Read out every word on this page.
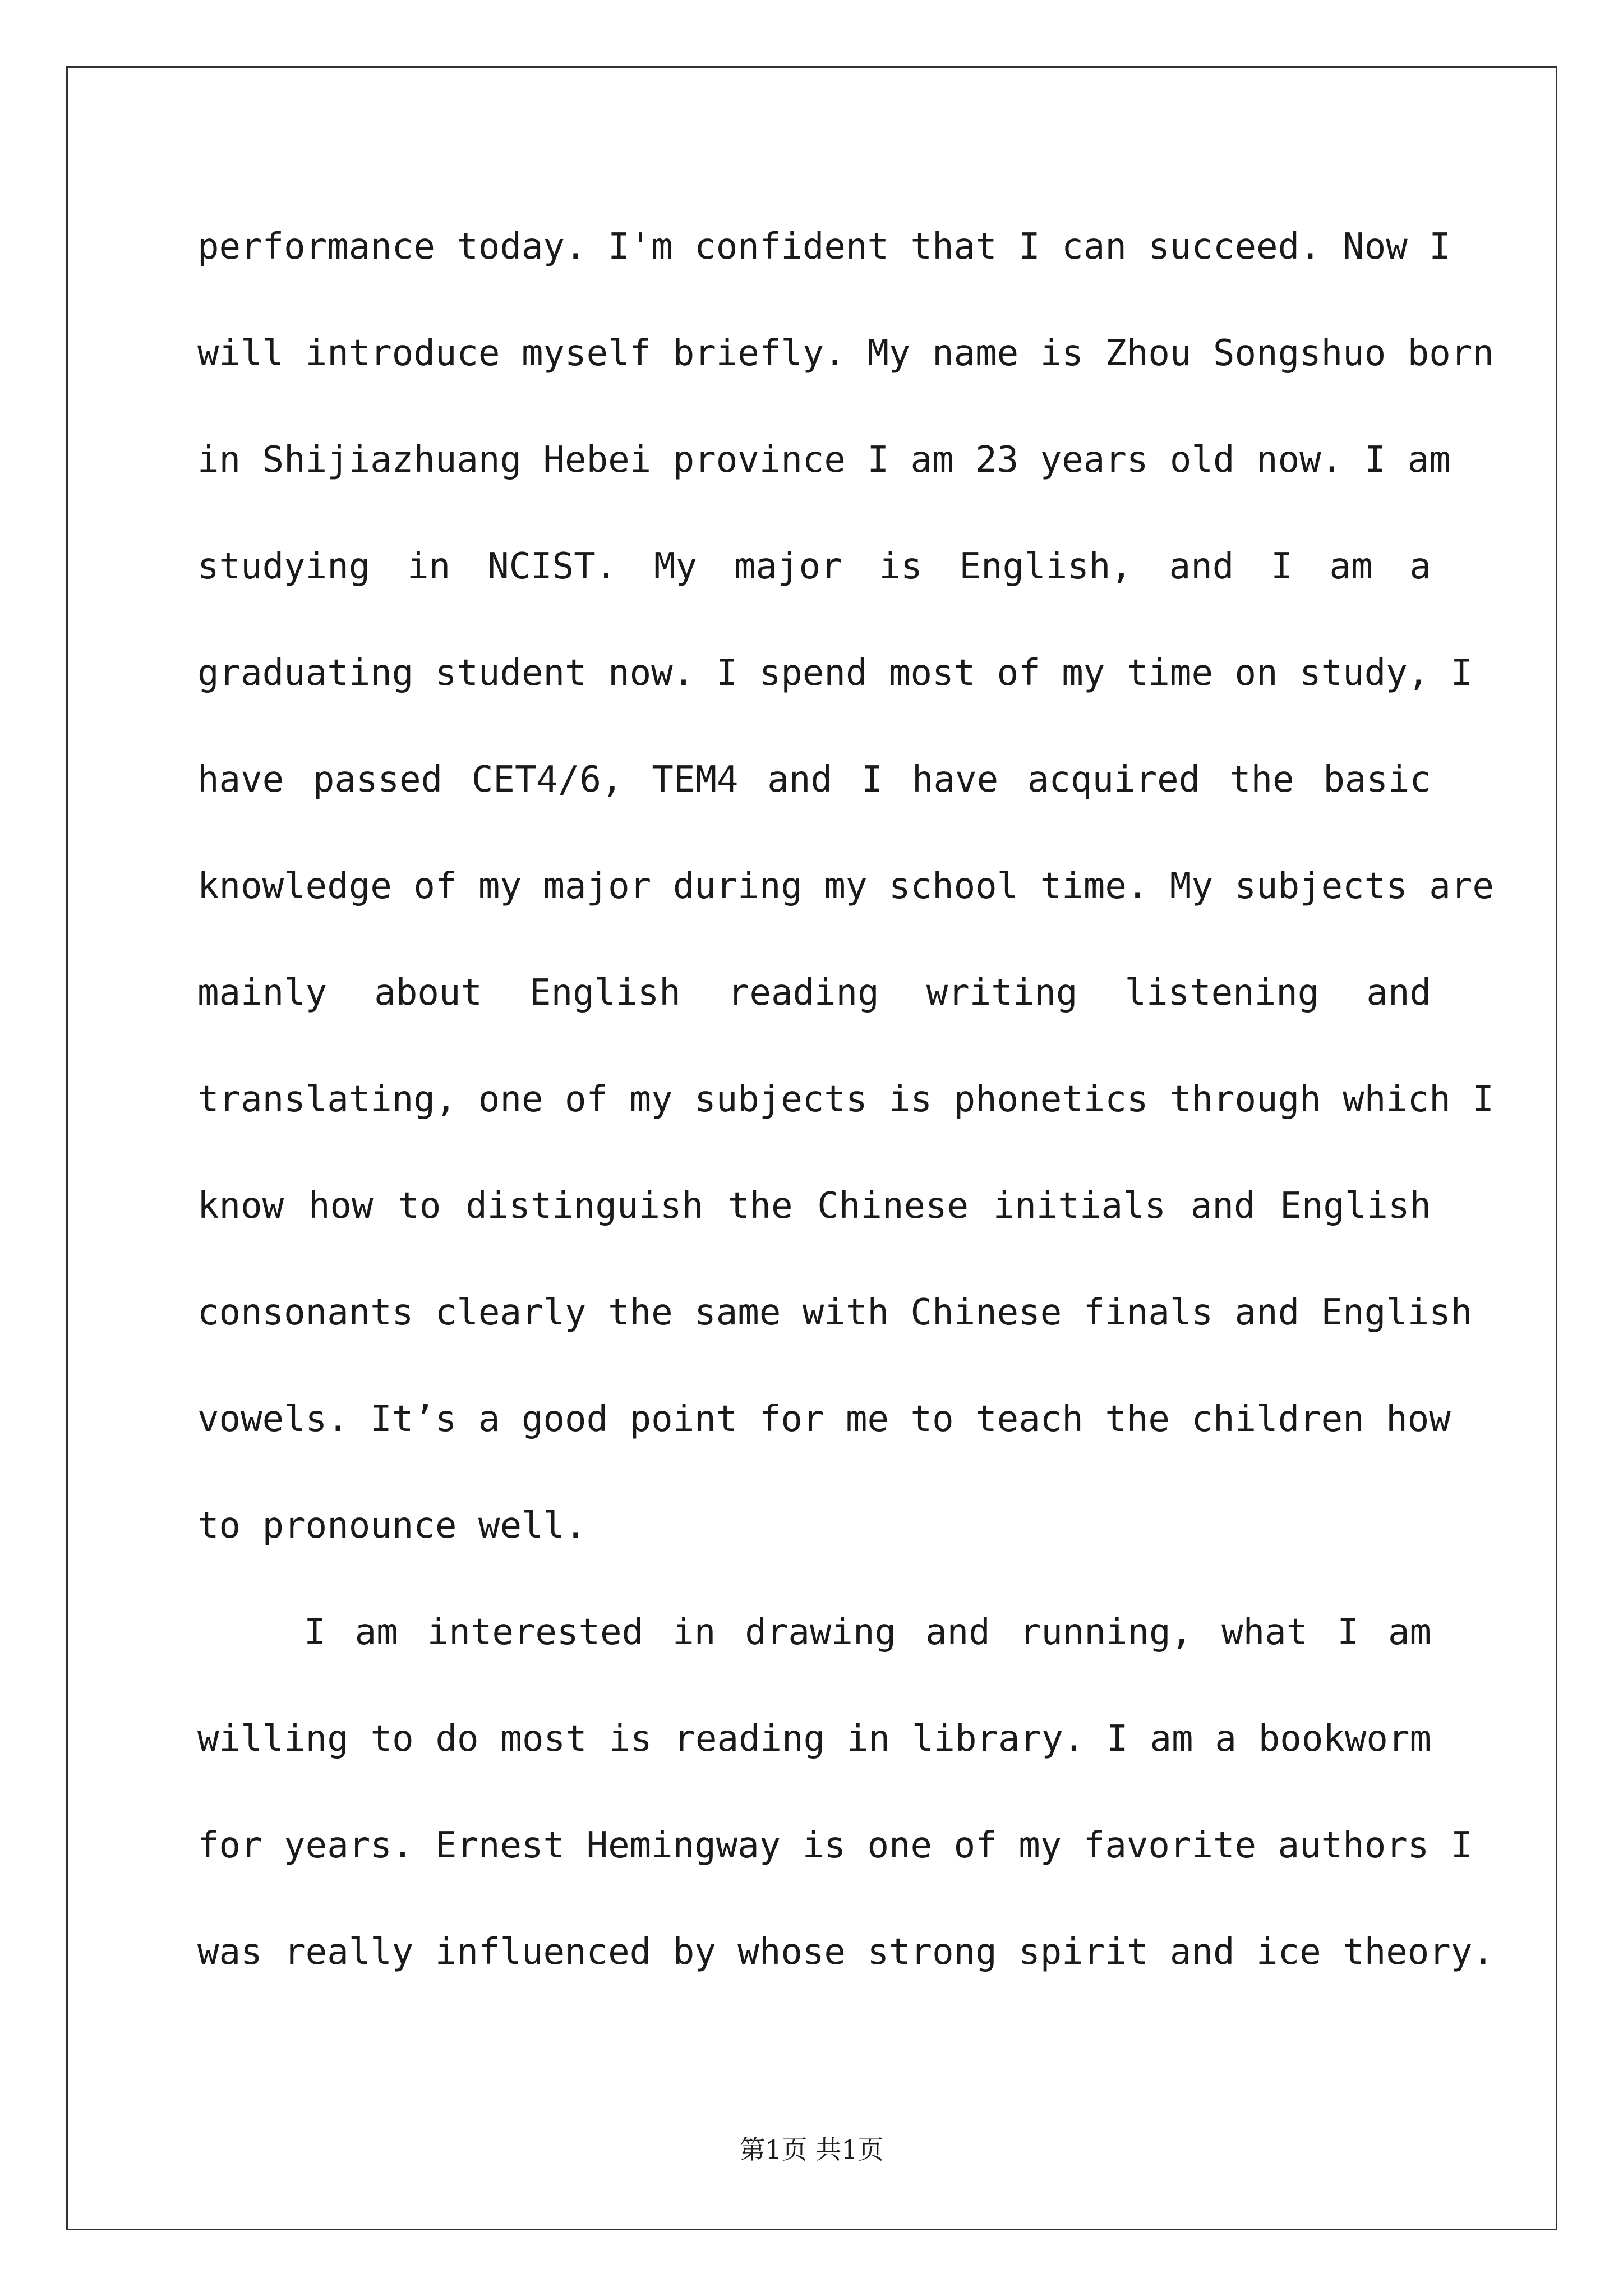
performance today. I'm confident that I can succeed. Now I
will introduce myself briefly. My name is Zhou Songshuo born
in Shijiazhuang Hebei province I am 23 years old now. I am
studying in NCIST. My major is English, and I am a
graduating student now. I spend most of my time on study, I
have passed CET4/6, TEM4 and I have acquired the basic
knowledge of my major during my school time. My subjects are
mainly about English reading writing listening and
translating, one of my subjects is phonetics through which I
know how to distinguish the Chinese initials and English
consonants clearly the same with Chinese finals and English
vowels. It’s a good point for me to teach the children how
to pronounce well.
I am interested in drawing and running, what I am
willing to do most is reading in library. I am a bookworm
for years. Ernest Hemingway is one of my favorite authors I
was really influenced by whose strong spirit and ice theory.
第1页 共1页
